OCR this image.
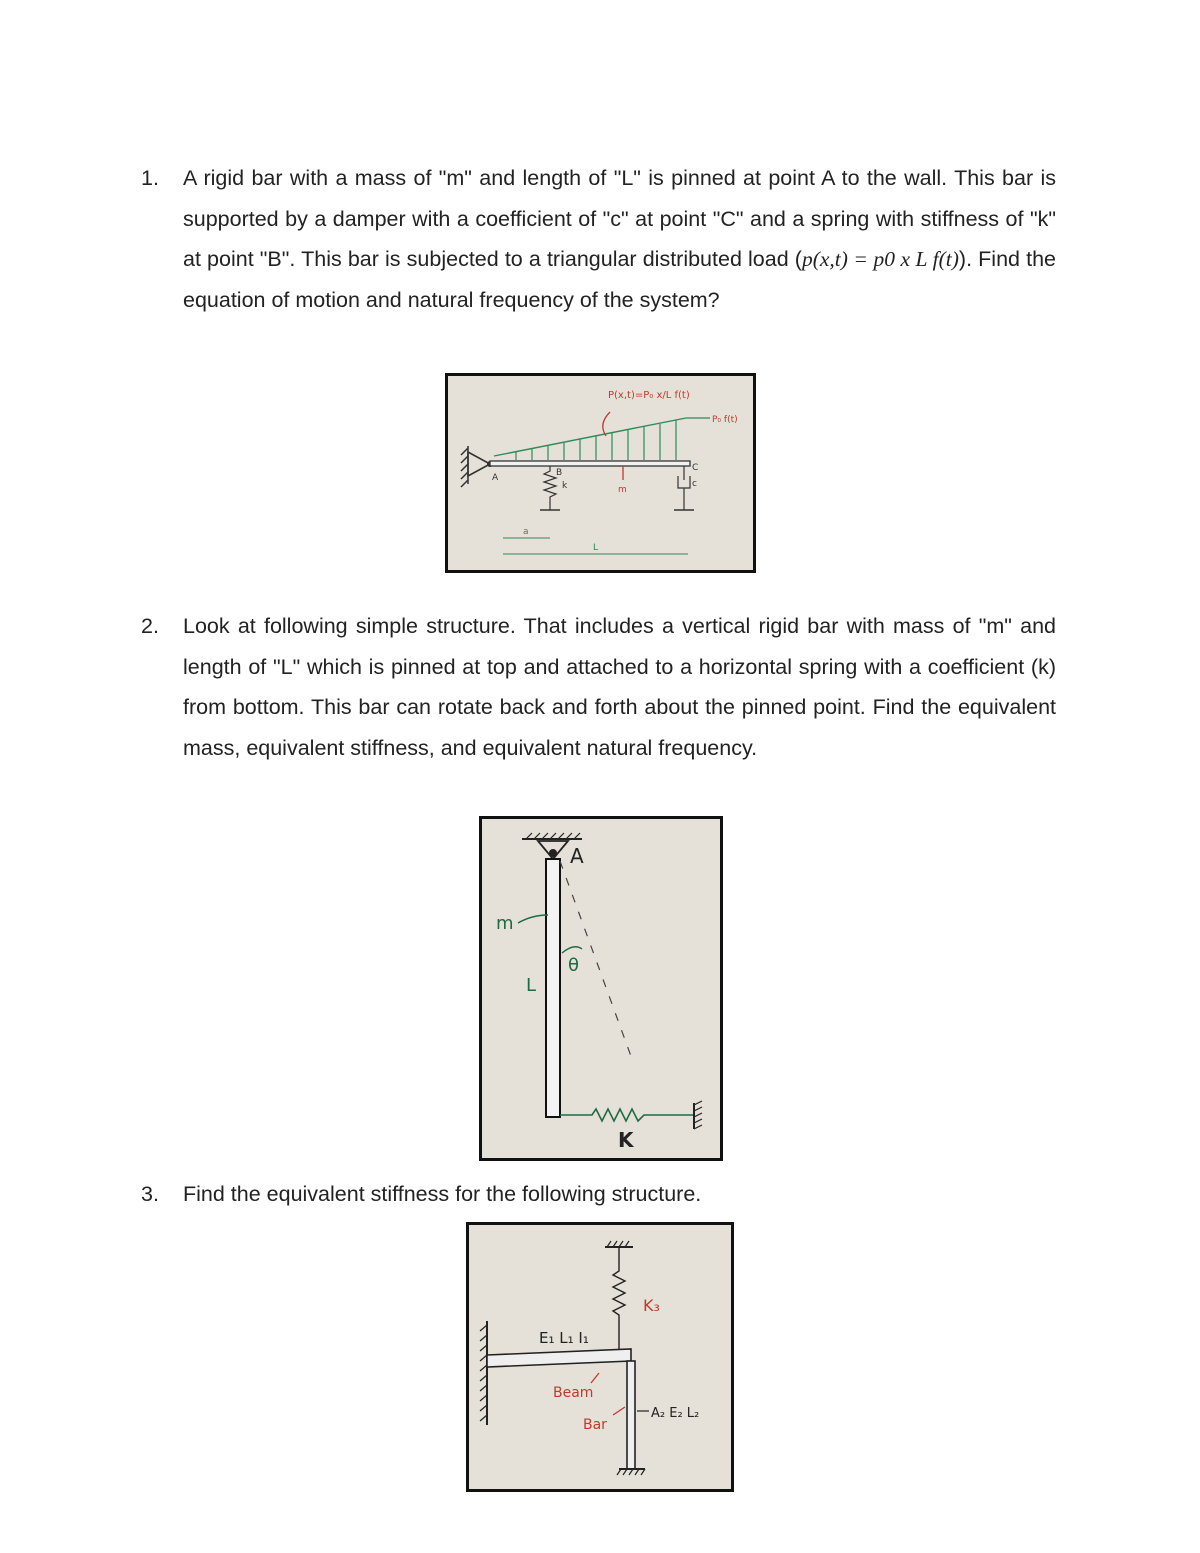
1. A rigid bar with a mass of "m" and length of "L" is pinned at point A to the wall. This bar is supported by a damper with a coefficient of "c" at point "C" and a spring with stiffness of "k" at point "B". This bar is subjected to a triangular distributed load (p(x,t) = p0 x L f(t)). Find the equation of motion and natural frequency of the system?
P(x,t)=P₀ x/L f(t)
P₀ f(t)
A	B	C
k	m
c
a
L
2. Look at following simple structure. That includes a vertical rigid bar with mass of "m" and length of "L" which is pinned at top and attached to a horizontal spring with a coefficient (k) from bottom. This bar can rotate back and forth about the pinned point. Find the equivalent mass, equivalent stiffness, and equivalent natural frequency.
A
m
L
θ
K
3. Find the equivalent stiffness for the following structure.
K₃
E₁ L₁ I₁
Beam
Bar
A₂ E₂ L₂
